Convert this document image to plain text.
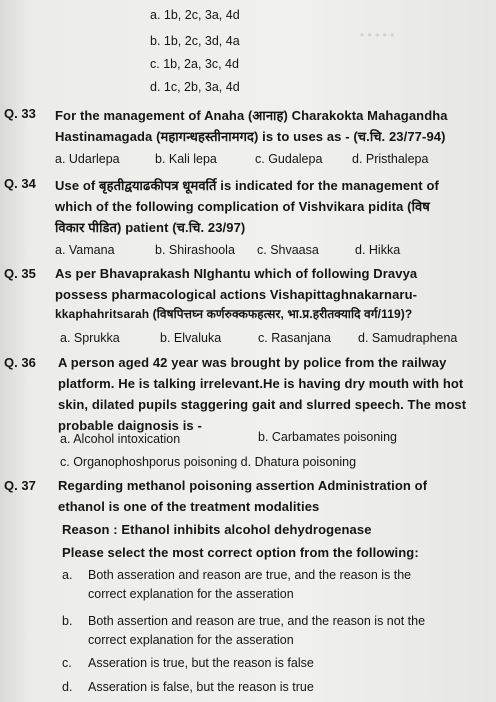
• • • • •
a. 1b, 2c, 3a, 4d
b. 1b, 2c, 3d, 4a
c. 1b, 2a, 3c, 4d
d. 1c, 2b, 3a, 4d
Q. 33 For the management of Anaha (आनाह) Charakokta Mahagandha
Hastinamagada (महागन्धहस्तीनामगद) is to uses as - (च.चि. 23/77-94)
a. Udarlepa	b. Kali lepa	c. Gudalepa d. Pristhalepa
Q. 34 Use of बृहतीद्वयाढकीपत्र धूमवर्ति is indicated for the management of
which of the following complication of Vishvikara pidita (विष
विकार पीडित) patient (च.चि. 23/97)
a. Vamana	b. Shirashoola c. Shvaasa	d. Hikka
Q. 35 As per Bhavaprakash NIghantu which of following Dravya
possess pharmacological actions Vishapittaghnakarnaru-
kkaphahritsarah (विषपित्तघ्न कर्णरुक्कफहत्सर, भा.प्र.हरीतक्यादि वर्ग/119)?
a. Sprukka	b. Elvaluka	c. Rasanjana d. Samudraphena
Q. 36 A person aged 42 year was brought by police from the railway
platform. He is talking irrelevant.He is having dry mouth with hot
skin, dilated pupils staggering gait and slurred speech. The most
probable daignosis is -
a. Alcohol intoxication	b. Carbamates poisoning
c. Organophoshporus poisoning d. Dhatura poisoning
Q. 37 Regarding methanol poisoning assertion Administration of
ethanol is one of the treatment modalities
Reason : Ethanol inhibits alcohol dehydrogenase
Please select the most correct option from the following:
a. Both asseration and reason are true, and the reason is the
correct explanation for the asseration
b. Both assertion and reason are true, and the reason is not the
correct explanation for the asseration
c. Asseration is true, but the reason is false
d. Asseration is false, but the reason is true
